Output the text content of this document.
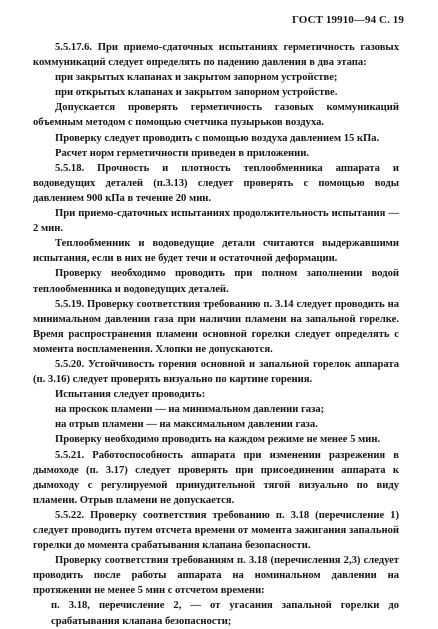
ГОСТ 19910—94 С. 19

5.5.17.6. При приемо-сдаточных испытаниях герметичность газовых коммуникаций следует определять по падению давления в два этапа:

при закрытых клапанах и закрытом запорном устройстве;

при открытых клапанах и закрытом запорном устройстве.

Допускается проверять герметичность газовых коммуникаций объемным методом с помощью счетчика пузырьков воздуха.

Проверку следует проводить с помощью воздуха давлением 15 кПа.

Расчет норм герметичности приведен в приложении.

5.5.18. Прочность и плотность теплообменника аппарата и водоведущих деталей (п.3.13) следует проверять с помощью воды давлением 900 кПа в течение 20 мин.

При приемо-сдаточных испытаниях продолжительность испытания — 2 мин.

Теплообменник и водоведущие детали считаются выдержавшими испытания, если в них не будет течи и остаточной деформации.

Проверку необходимо проводить при полном заполнении водой теплообменника и водоведущих деталей.

5.5.19. Проверку соответствия требованию п. 3.14 следует проводить на минимальном давлении газа при наличии пламени на запальной горелке. Время распространения пламени основной горелки следует определять с момента воспламенения. Хлопки не допускаются.

5.5.20. Устойчивость горения основной и запальной горелок аппарата (п. 3.16) следует проверять визуально по картине горения.

Испытания следует проводить:

на проскок пламени — на минимальном давлении газа;

на отрыв пламени — на максимальном давлении газа.

Проверку необходимо проводить на каждом режиме не менее 5 мин.

5.5.21. Работоспособность аппарата при изменении разрежения в дымоходе (п. 3.17) следует проверять при присоединении аппарата к дымоходу с регулируемой принудительной тягой визуально по виду пламени. Отрыв пламени не допускается.

5.5.22. Проверку соответствия требованию п. 3.18 (перечисление 1) следует проводить путем отсчета времени от момента зажигания запальной горелки до момента срабатывания клапана безопасности.

Проверку соответствия требованиям п. 3.18 (перечисления 2,3) следует проводить после работы аппарата на номинальном давлении на протяжении не менее 5 мин с отсчетом времени:

п. 3.18, перечисление 2, — от угасания запальной горелки до срабатывания клапана безопасности;
